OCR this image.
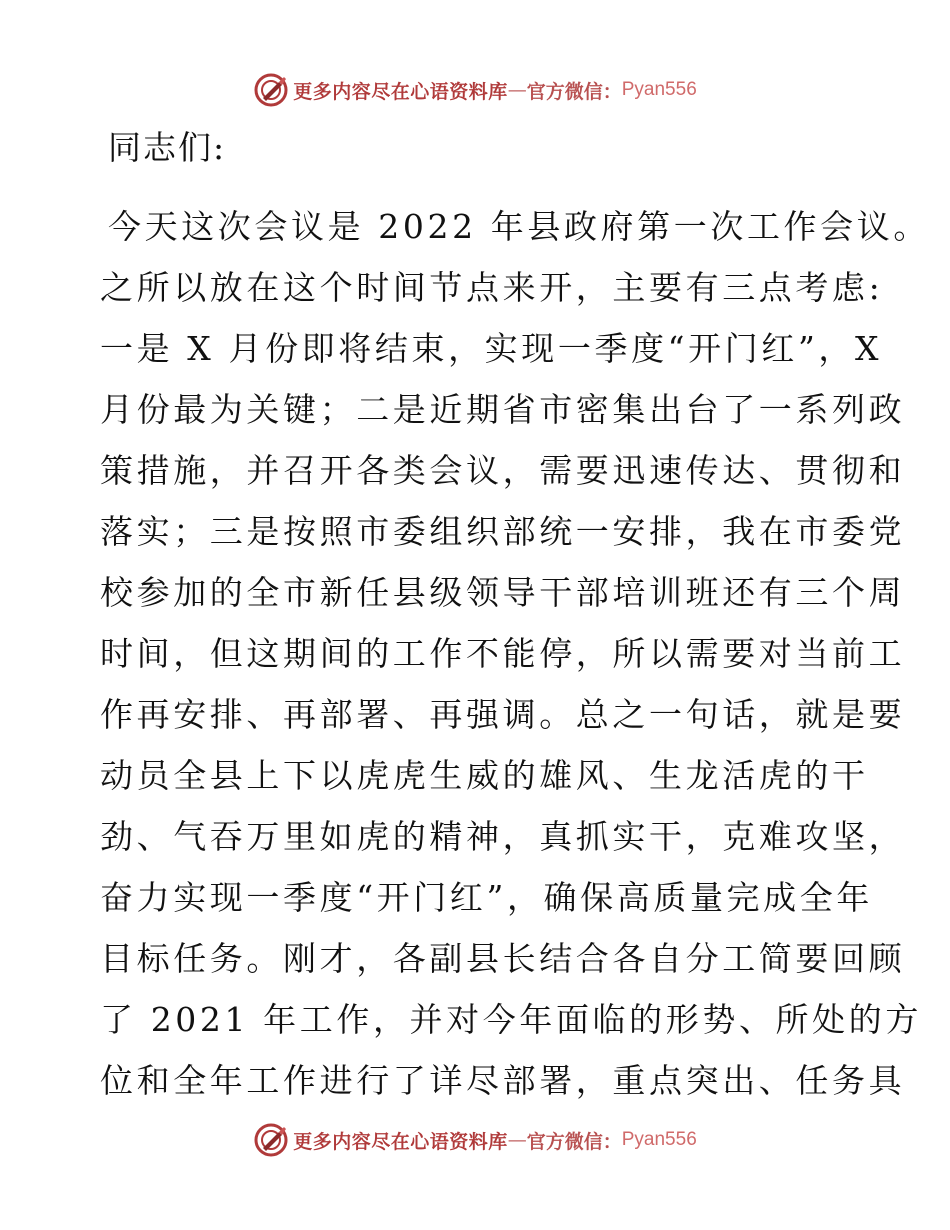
更多内容尽在心语资料库 — 官方微信： Pyan556
同志们:
今天这次会议是 2022 年县政府第一次工作会议。
之所以放在这个时间节点来开，主要有三点考虑:
一是 X 月份即将结束，实现一季度“开门红”，X
月份最为关键；二是近期省市密集出台了一系列政
策措施，并召开各类会议，需要迅速传达、贯彻和
落实；三是按照市委组织部统一安排，我在市委党
校参加的全市新任县级领导干部培训班还有三个周
时间，但这期间的工作不能停，所以需要对当前工
作再安排、再部署、再强调。总之一句话，就是要
动员全县上下以虎虎生威的雄风、生龙活虎的干
劲、气吞万里如虎的精神，真抓实干，克难攻坚，
奋力实现一季度“开门红”，确保高质量完成全年
目标任务。刚才，各副县长结合各自分工简要回顾
了 2021 年工作，并对今年面临的形势、所处的方
位和全年工作进行了详尽部署，重点突出、任务具
更多内容尽在心语资料库 — 官方微信： Pyan556
